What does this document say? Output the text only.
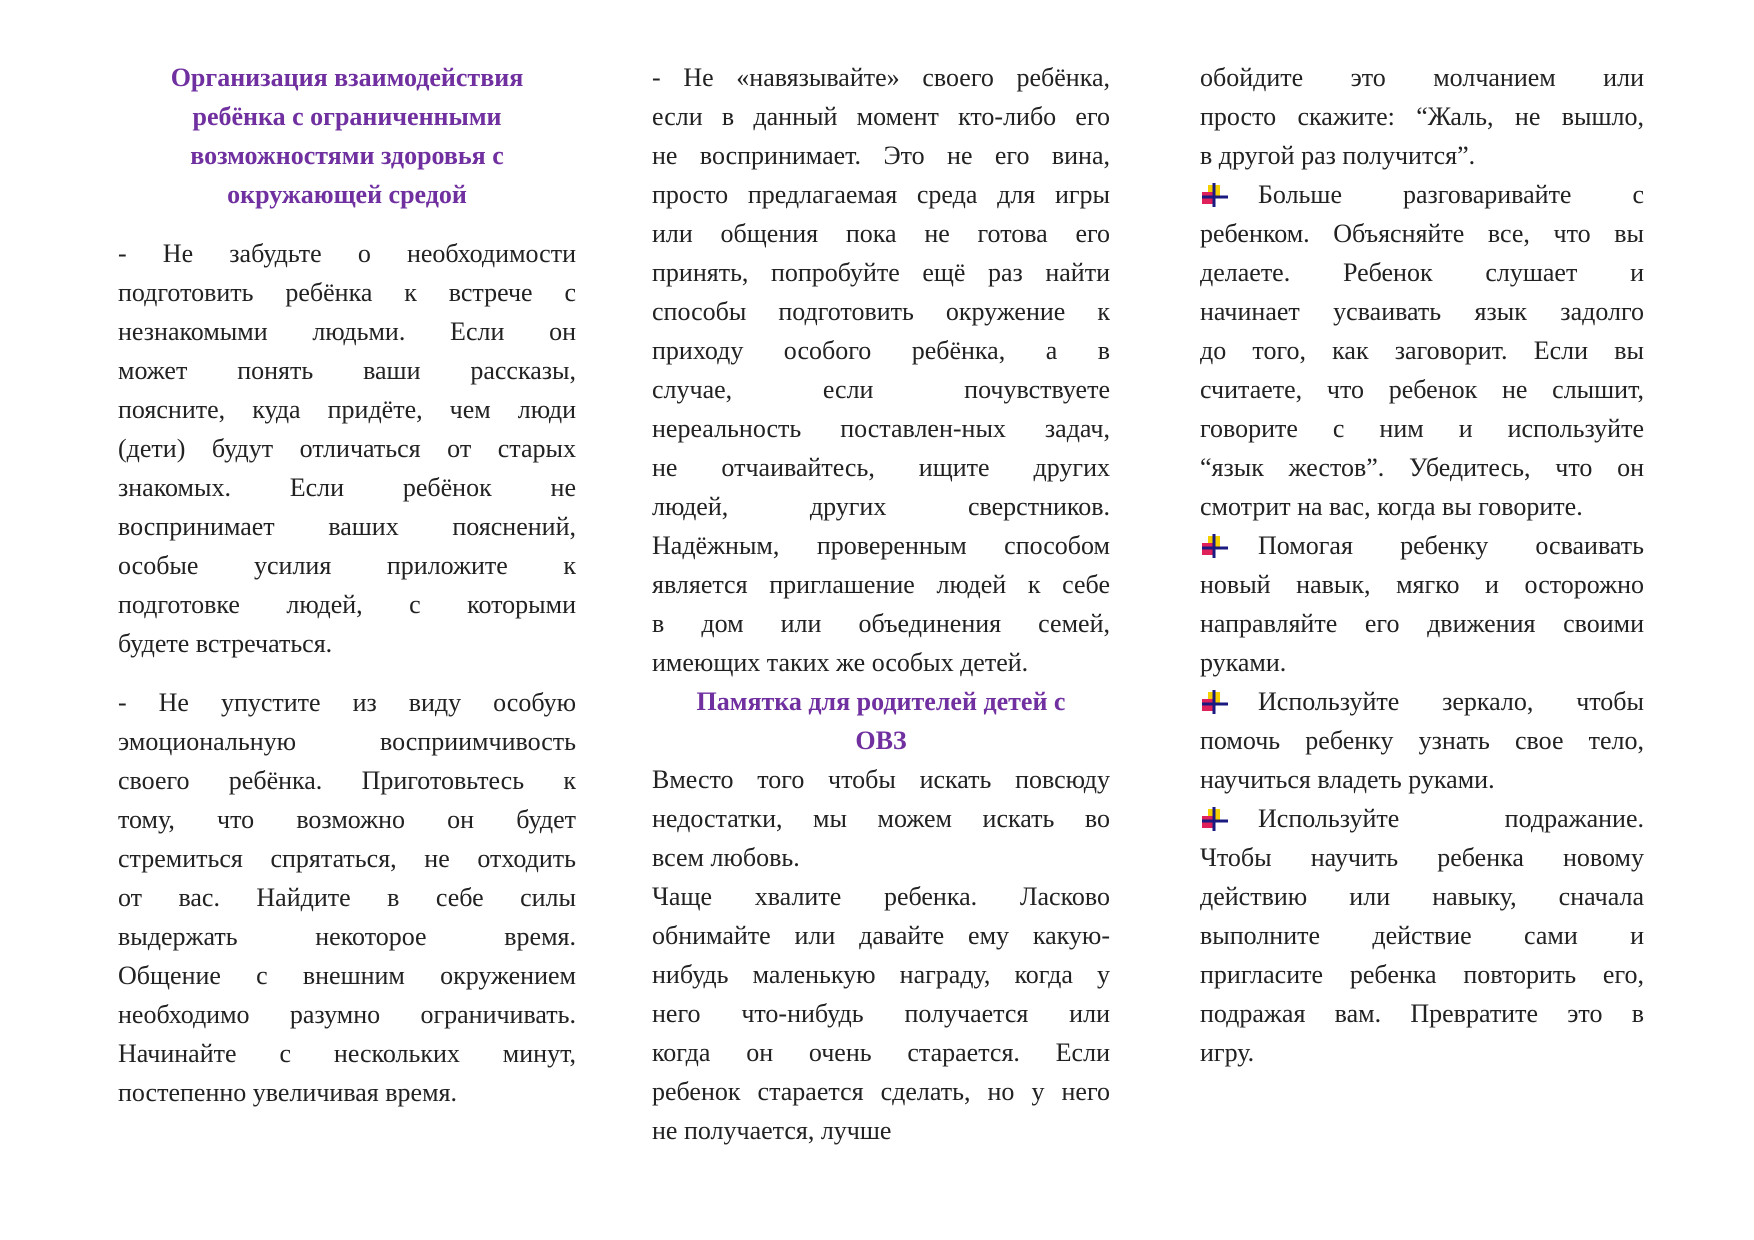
Организация взаимодействия
ребёнка с ограниченными
возможностями здоровья с
окружающей средой
- Не забудьте о необходимости
подготовить ребёнка к встрече с
незнакомыми людьми. Если он
может понять ваши рассказы,
поясните, куда придёте, чем люди
(дети) будут отличаться от старых
знакомых. Если ребёнок не
воспринимает ваших пояснений,
особые усилия приложите к
подготовке людей, с которыми
будете встречаться.
- Не упустите из виду особую
эмоциональную восприимчивость
своего ребёнка. Приготовьтесь к
тому, что возможно он будет
стремиться спрятаться, не отходить
от вас. Найдите в себе силы
выдержать некоторое время.
Общение с внешним окружением
необходимо разумно ограничивать.
Начинайте с нескольких минут,
постепенно увеличивая время.
- Не «навязывайте» своего ребёнка,
если в данный момент кто-либо его
не воспринимает. Это не его вина,
просто предлагаемая среда для игры
или общения пока не готова его
принять, попробуйте ещё раз найти
способы подготовить окружение к
приходу особого ребёнка, а в
случае, если почувствуете
нереальность поставлен-ных задач,
не отчаивайтесь, ищите других
людей, других сверстников.
Надёжным, проверенным способом
является приглашение людей к себе
в дом или объединения семей,
имеющих таких же особых детей.
Памятка для родителей детей с
ОВЗ
Вместо того чтобы искать повсюду
недостатки, мы можем искать во
всем любовь.
Чаще хвалите ребенка. Ласково
обнимайте или давайте ему какую-
нибудь маленькую награду, когда у
него что-нибудь получается или
когда он очень старается. Если
ребенок старается сделать, но у него
не получается, лучше
обойдите это молчанием или
просто скажите: “Жаль, не вышло,
в другой раз получится”.
Больше разговаривайте с
ребенком. Объясняйте все, что вы
делаете. Ребенок слушает и
начинает усваивать язык задолго
до того, как заговорит. Если вы
считаете, что ребенок не слышит,
говорите с ним и используйте
“язык жестов”. Убедитесь, что он
смотрит на вас, когда вы говорите.
Помогая ребенку осваивать
новый навык, мягко и осторожно
направляйте его движения своими
руками.
Используйте зеркало, чтобы
помочь ребенку узнать свое тело,
научиться владеть руками.
Используйте подражание.
Чтобы научить ребенка новому
действию или навыку, сначала
выполните действие сами и
пригласите ребенка повторить его,
подражая вам. Превратите это в
игру.
